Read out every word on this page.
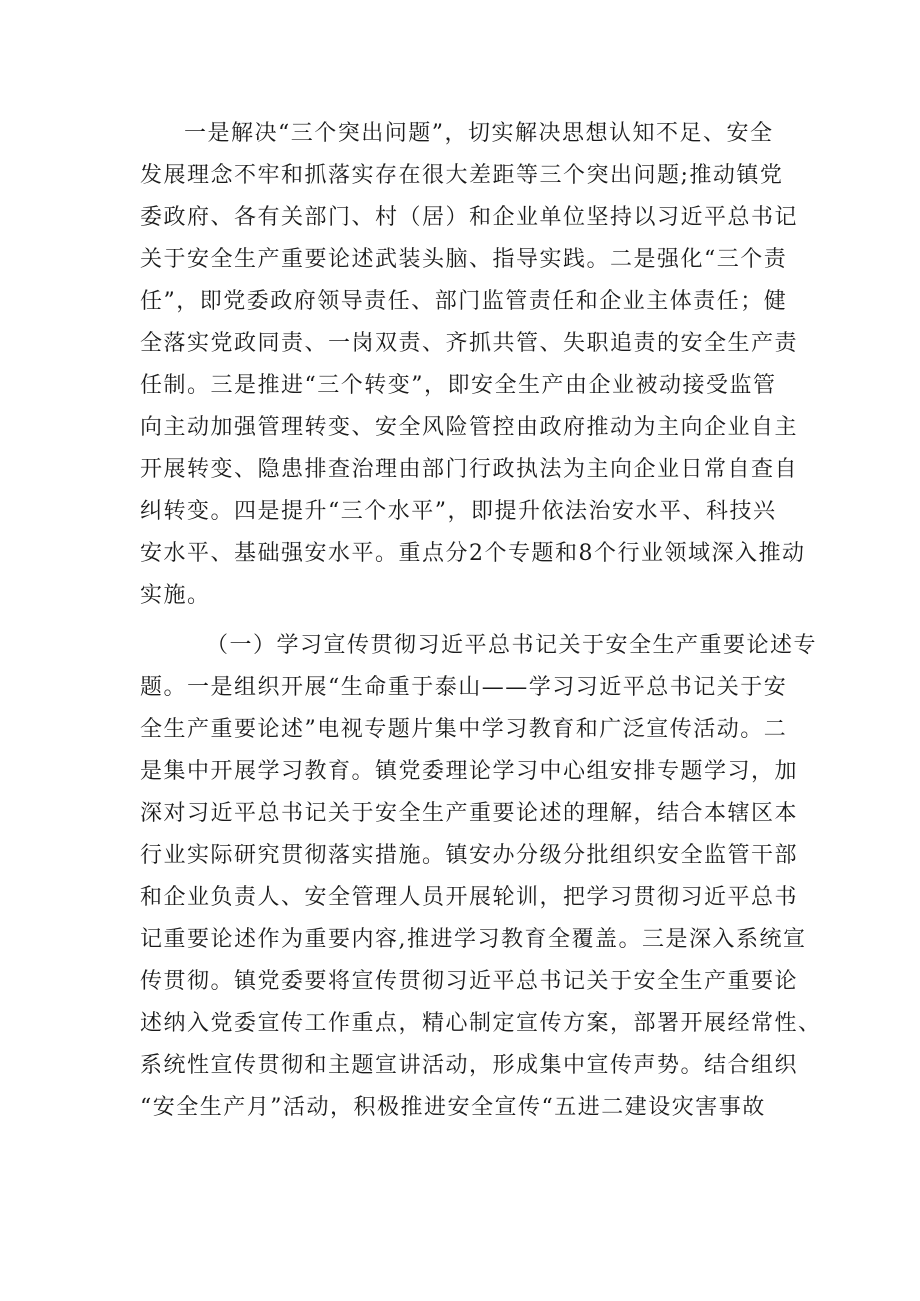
一是解决“三个突出问题”，切实解决思想认知不足、安全
发展理念不牢和抓落实存在很大差距等三个突出问题;推动镇党
委政府、各有关部门、村（居）和企业单位坚持以习近平总书记
关于安全生产重要论述武装头脑、指导实践。二是强化“三个责
任”，即党委政府领导责任、部门监管责任和企业主体责任；健
全落实党政同责、一岗双责、齐抓共管、失职追责的安全生产责
任制。三是推进“三个转变”，即安全生产由企业被动接受监管
向主动加强管理转变、安全风险管控由政府推动为主向企业自主
开展转变、隐患排查治理由部门行政执法为主向企业日常自查自
纠转变。四是提升“三个水平”，即提升依法治安水平、科技兴
安水平、基础强安水平。重点分2个专题和8个行业领域深入推动
实施。
（一）学习宣传贯彻习近平总书记关于安全生产重要论述专
题。一是组织开展“生命重于泰山——学习习近平总书记关于安
全生产重要论述”电视专题片集中学习教育和广泛宣传活动。二
是集中开展学习教育。镇党委理论学习中心组安排专题学习，加
深对习近平总书记关于安全生产重要论述的理解，结合本辖区本
行业实际研究贯彻落实措施。镇安办分级分批组织安全监管干部
和企业负责人、安全管理人员开展轮训，把学习贯彻习近平总书
记重要论述作为重要内容,推进学习教育全覆盖。三是深入系统宣
传贯彻。镇党委要将宣传贯彻习近平总书记关于安全生产重要论
述纳入党委宣传工作重点，精心制定宣传方案，部署开展经常性、
系统性宣传贯彻和主题宣讲活动，形成集中宣传声势。结合组织
“安全生产月”活动，积极推进安全宣传“五进二建设灾害事故
